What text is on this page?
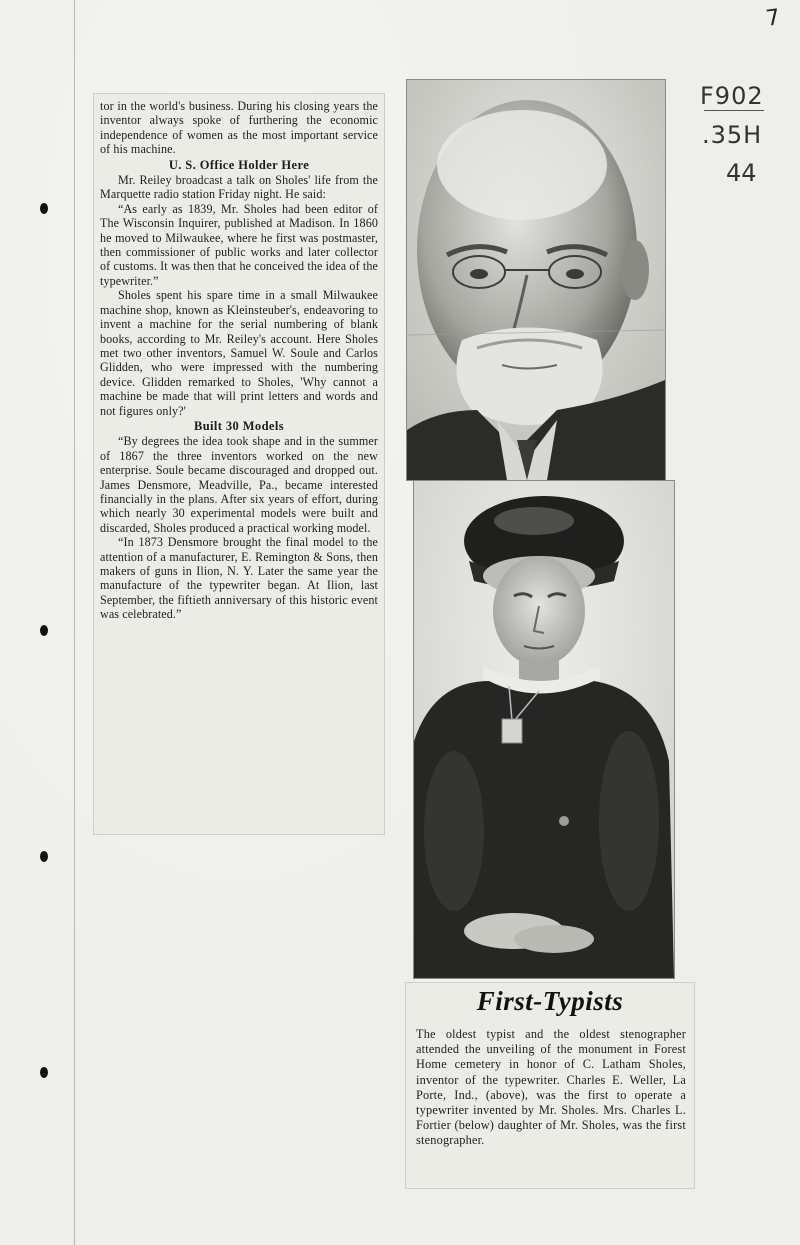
7
F902
.35H
44

tor in the world's business. During his closing years the inventor always spoke of furthering the economic independence of women as the most important service of his machine.

U. S. Office Holder Here

Mr. Reiley broadcast a talk on Sholes' life from the Marquette radio station Friday night. He said:

“As early as 1839, Mr. Sholes had been editor of The Wisconsin Inquirer, published at Madison. In 1860 he moved to Milwaukee, where he first was postmaster, then commissioner of public works and later collector of customs. It was then that he conceived the idea of the typewriter.”

Sholes spent his spare time in a small Milwaukee machine shop, known as Kleinsteuber's, endeavoring to invent a machine for the serial numbering of blank books, according to Mr. Reiley's account. Here Sholes met two other inventors, Samuel W. Soule and Carlos Glidden, who were impressed with the numbering device. Glidden remarked to Sholes, 'Why cannot a machine be made that will print letters and words and not figures only?'

Built 30 Models

“By degrees the idea took shape and in the summer of 1867 the three inventors worked on the new enterprise. Soule became discouraged and dropped out. James Densmore, Meadville, Pa., became interested financially in the plans. After six years of effort, during which nearly 30 experimental models were built and discarded, Sholes produced a practical working model.

“In 1873 Densmore brought the final model to the attention of a manufacturer, E. Remington & Sons, then makers of guns in Ilion, N. Y. Later the same year the manufacture of the typewriter began. At Ilion, last September, the fiftieth anniversary of this historic event was celebrated.”

First-Typists
The oldest typist and the oldest stenographer attended the unveiling of the monument in Forest Home cemetery in honor of C. Latham Sholes, inventor of the typewriter. Charles E. Weller, La Porte, Ind., (above), was the first to operate a typewriter invented by Mr. Sholes. Mrs. Charles L. Fortier (below) daughter of Mr. Sholes, was the first stenographer.
